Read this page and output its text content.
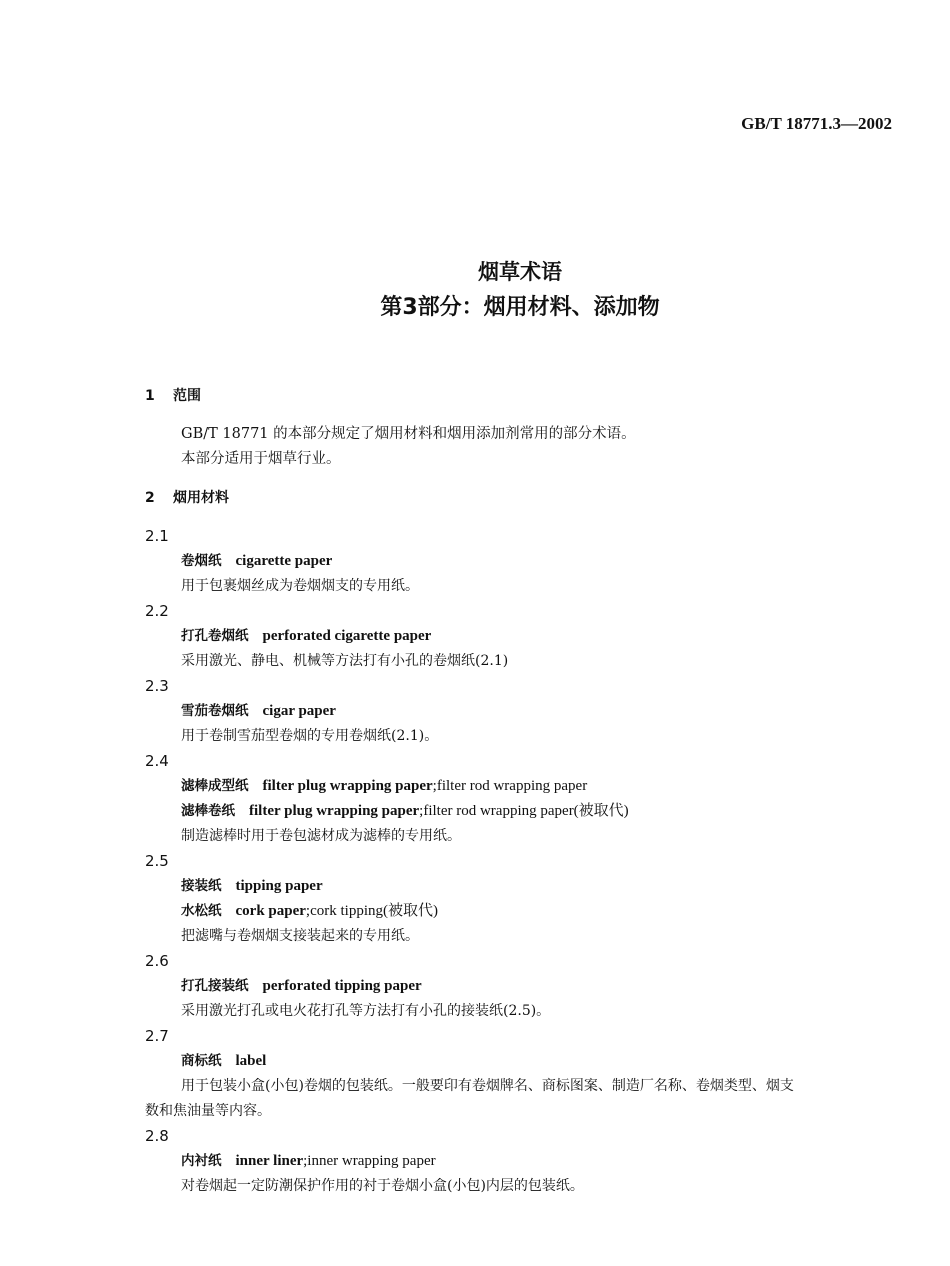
GB/T 18771.3—2002
烟草术语
第3部分：烟用材料、添加物
1 范围
GB/T 18771 的本部分规定了烟用材料和烟用添加剂常用的部分术语。
本部分适用于烟草行业。
2 烟用材料
2.1
卷烟纸 cigarette paper
用于包裹烟丝成为卷烟烟支的专用纸。
2.2
打孔卷烟纸 perforated cigarette paper
采用激光、静电、机械等方法打有小孔的卷烟纸(2.1)
2.3
雪茄卷烟纸 cigar paper
用于卷制雪茄型卷烟的专用卷烟纸(2.1)。
2.4
滤棒成型纸 filter plug wrapping paper;filter rod wrapping paper
滤棒卷纸 filter plug wrapping paper;filter rod wrapping paper(被取代)
制造滤棒时用于卷包滤材成为滤棒的专用纸。
2.5
接装纸 tipping paper
水松纸 cork paper;cork tipping(被取代)
把滤嘴与卷烟烟支接装起来的专用纸。
2.6
打孔接装纸 perforated tipping paper
采用激光打孔或电火花打孔等方法打有小孔的接装纸(2.5)。
2.7
商标纸 label
用于包装小盒(小包)卷烟的包装纸。一般要印有卷烟牌名、商标图案、制造厂名称、卷烟类型、烟支
数和焦油量等内容。
2.8
内衬纸 inner liner;inner wrapping paper
对卷烟起一定防潮保护作用的衬于卷烟小盒(小包)内层的包装纸。
